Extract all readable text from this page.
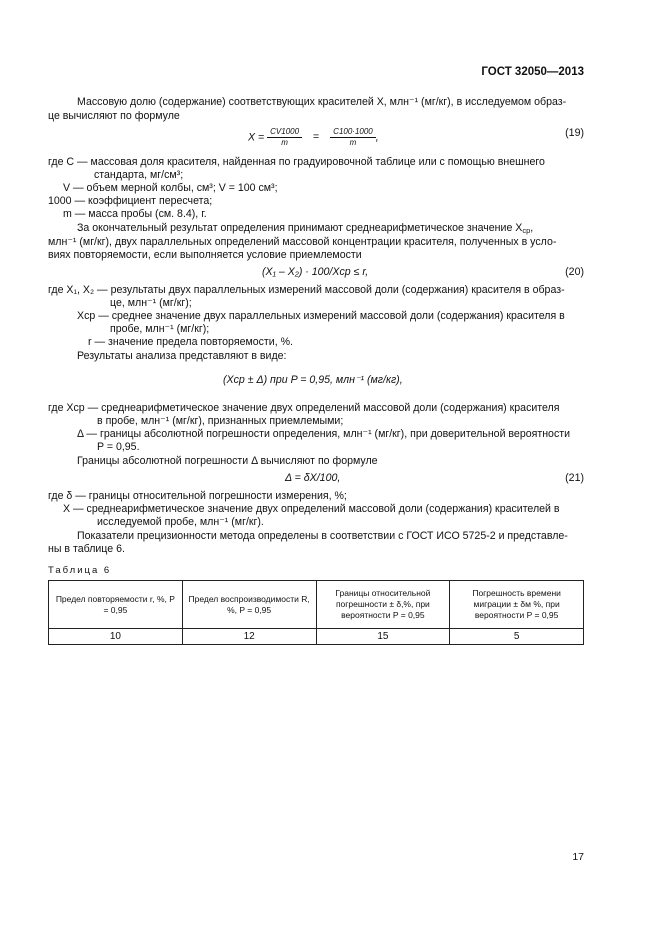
ГОСТ 32050—2013
Массовую долю (содержание) соответствующих красителей X, млн⁻¹ (мг/кг), в исследуемом образ-
це вычисляют по формуле
$X = \frac{CV1000}{m} = \frac{C100\cdot 1000}{m}$ ,	(19)
где C — массовая доля красителя, найденная по градуировочной таблице или с помощью внешнего
стандарта, мг/см³;
V — объем мерной колбы, см³; V = 100 см³;
1000 — коэффициент пересчета;
m — масса пробы (см. 8.4), г.
За окончательный результат определения принимают среднеарифметическое значение $X_{ср}$,
млн⁻¹ (мг/кг), двух параллельных определений массовой концентрации красителя, полученных в усло-
виях повторяемости, если выполняется условие приемлемости
(X₁ – X₂) · 100/Xср ≤ r,	(20)
где X₁, X₂ — результаты двух параллельных измерений массовой доли (содержания) красителя в образ-
це, млн⁻¹ (мг/кг);
Xср — среднее значение двух параллельных измерений массовой доли (содержания) красителя в
пробе, млн⁻¹ (мг/кг);
r — значение предела повторяемости, %.
Результаты анализа представляют в виде:
(Xср ± Δ) при P = 0,95, млн⁻¹ (мг/кг),
где Xср — среднеарифметическое значение двух определений массовой доли (содержания) красителя
в пробе, млн⁻¹ (мг/кг), признанных приемлемыми;
Δ — границы абсолютной погрешности определения, млн⁻¹ (мг/кг), при доверительной вероятности
P = 0,95.
Границы абсолютной погрешности Δ вычисляют по формуле
Δ = δX/100,	(21)
где δ — границы относительной погрешности измерения, %;
X — среднеарифметическое значение двух определений массовой доли (содержания) красителей в
исследуемой пробе, млн⁻¹ (мг/кг).
Показатели прецизионности метода определены в соответствии с ГОСТ ИСО 5725-2 и представле-
ны в таблице 6.
Таблица 6
Предел повторяемости r, %, P = 0,95	Предел воспроизводимости R, %, P = 0,95	Границы относительной погрешности ± δ,%, при вероятности P = 0,95	Погрешность времени миграции ± δм %, при вероятности P = 0,95
10	12	15	5
17
